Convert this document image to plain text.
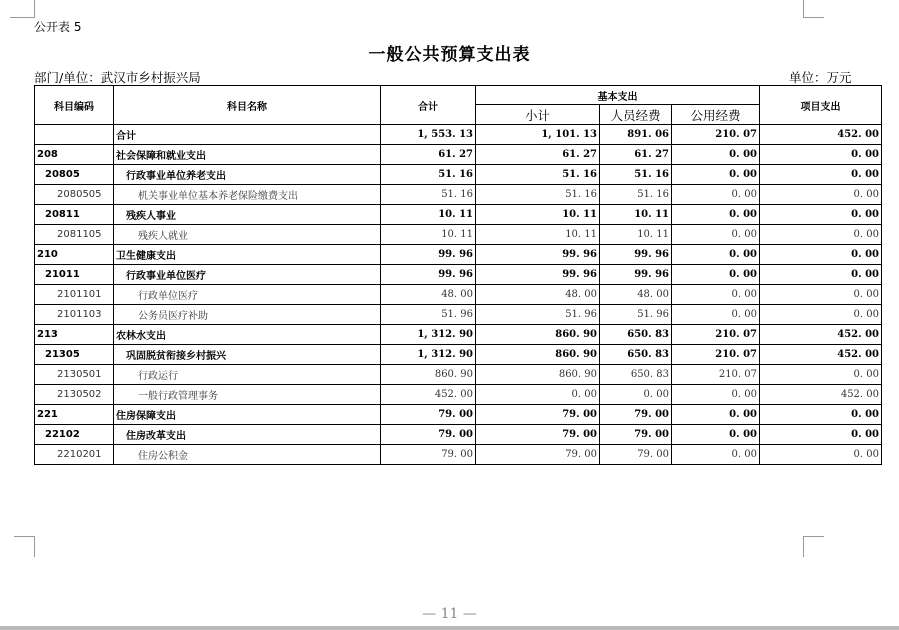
公开表 5
一般公共预算支出表
部门/单位：武汉市乡村振兴局	单位：万元
科目编码	科目名称	合计	基本支出			项目支出
			小计	人员经费	公用经费	
	合计	1, 553. 13	1, 101. 13	891. 06	210. 07	452. 00
208	社会保障和就业支出	61. 27	61. 27	61. 27	0. 00	0. 00
20805	行政事业单位养老支出	51. 16	51. 16	51. 16	0. 00	0. 00
2080505	机关事业单位基本养老保险缴费支出	51. 16	51. 16	51. 16	0. 00	0. 00
20811	残疾人事业	10. 11	10. 11	10. 11	0. 00	0. 00
2081105	残疾人就业	10. 11	10. 11	10. 11	0. 00	0. 00
210	卫生健康支出	99. 96	99. 96	99. 96	0. 00	0. 00
21011	行政事业单位医疗	99. 96	99. 96	99. 96	0. 00	0. 00
2101101	行政单位医疗	48. 00	48. 00	48. 00	0. 00	0. 00
2101103	公务员医疗补助	51. 96	51. 96	51. 96	0. 00	0. 00
213	农林水支出	1, 312. 90	860. 90	650. 83	210. 07	452. 00
21305	巩固脱贫衔接乡村振兴	1, 312. 90	860. 90	650. 83	210. 07	452. 00
2130501	行政运行	860. 90	860. 90	650. 83	210. 07	0. 00
2130502	一般行政管理事务	452. 00	0. 00	0. 00	0. 00	452. 00
221	住房保障支出	79. 00	79. 00	79. 00	0. 00	0. 00
22102	住房改革支出	79. 00	79. 00	79. 00	0. 00	0. 00
2210201	住房公积金	79. 00	79. 00	79. 00	0. 00	0. 00
— 11 —
